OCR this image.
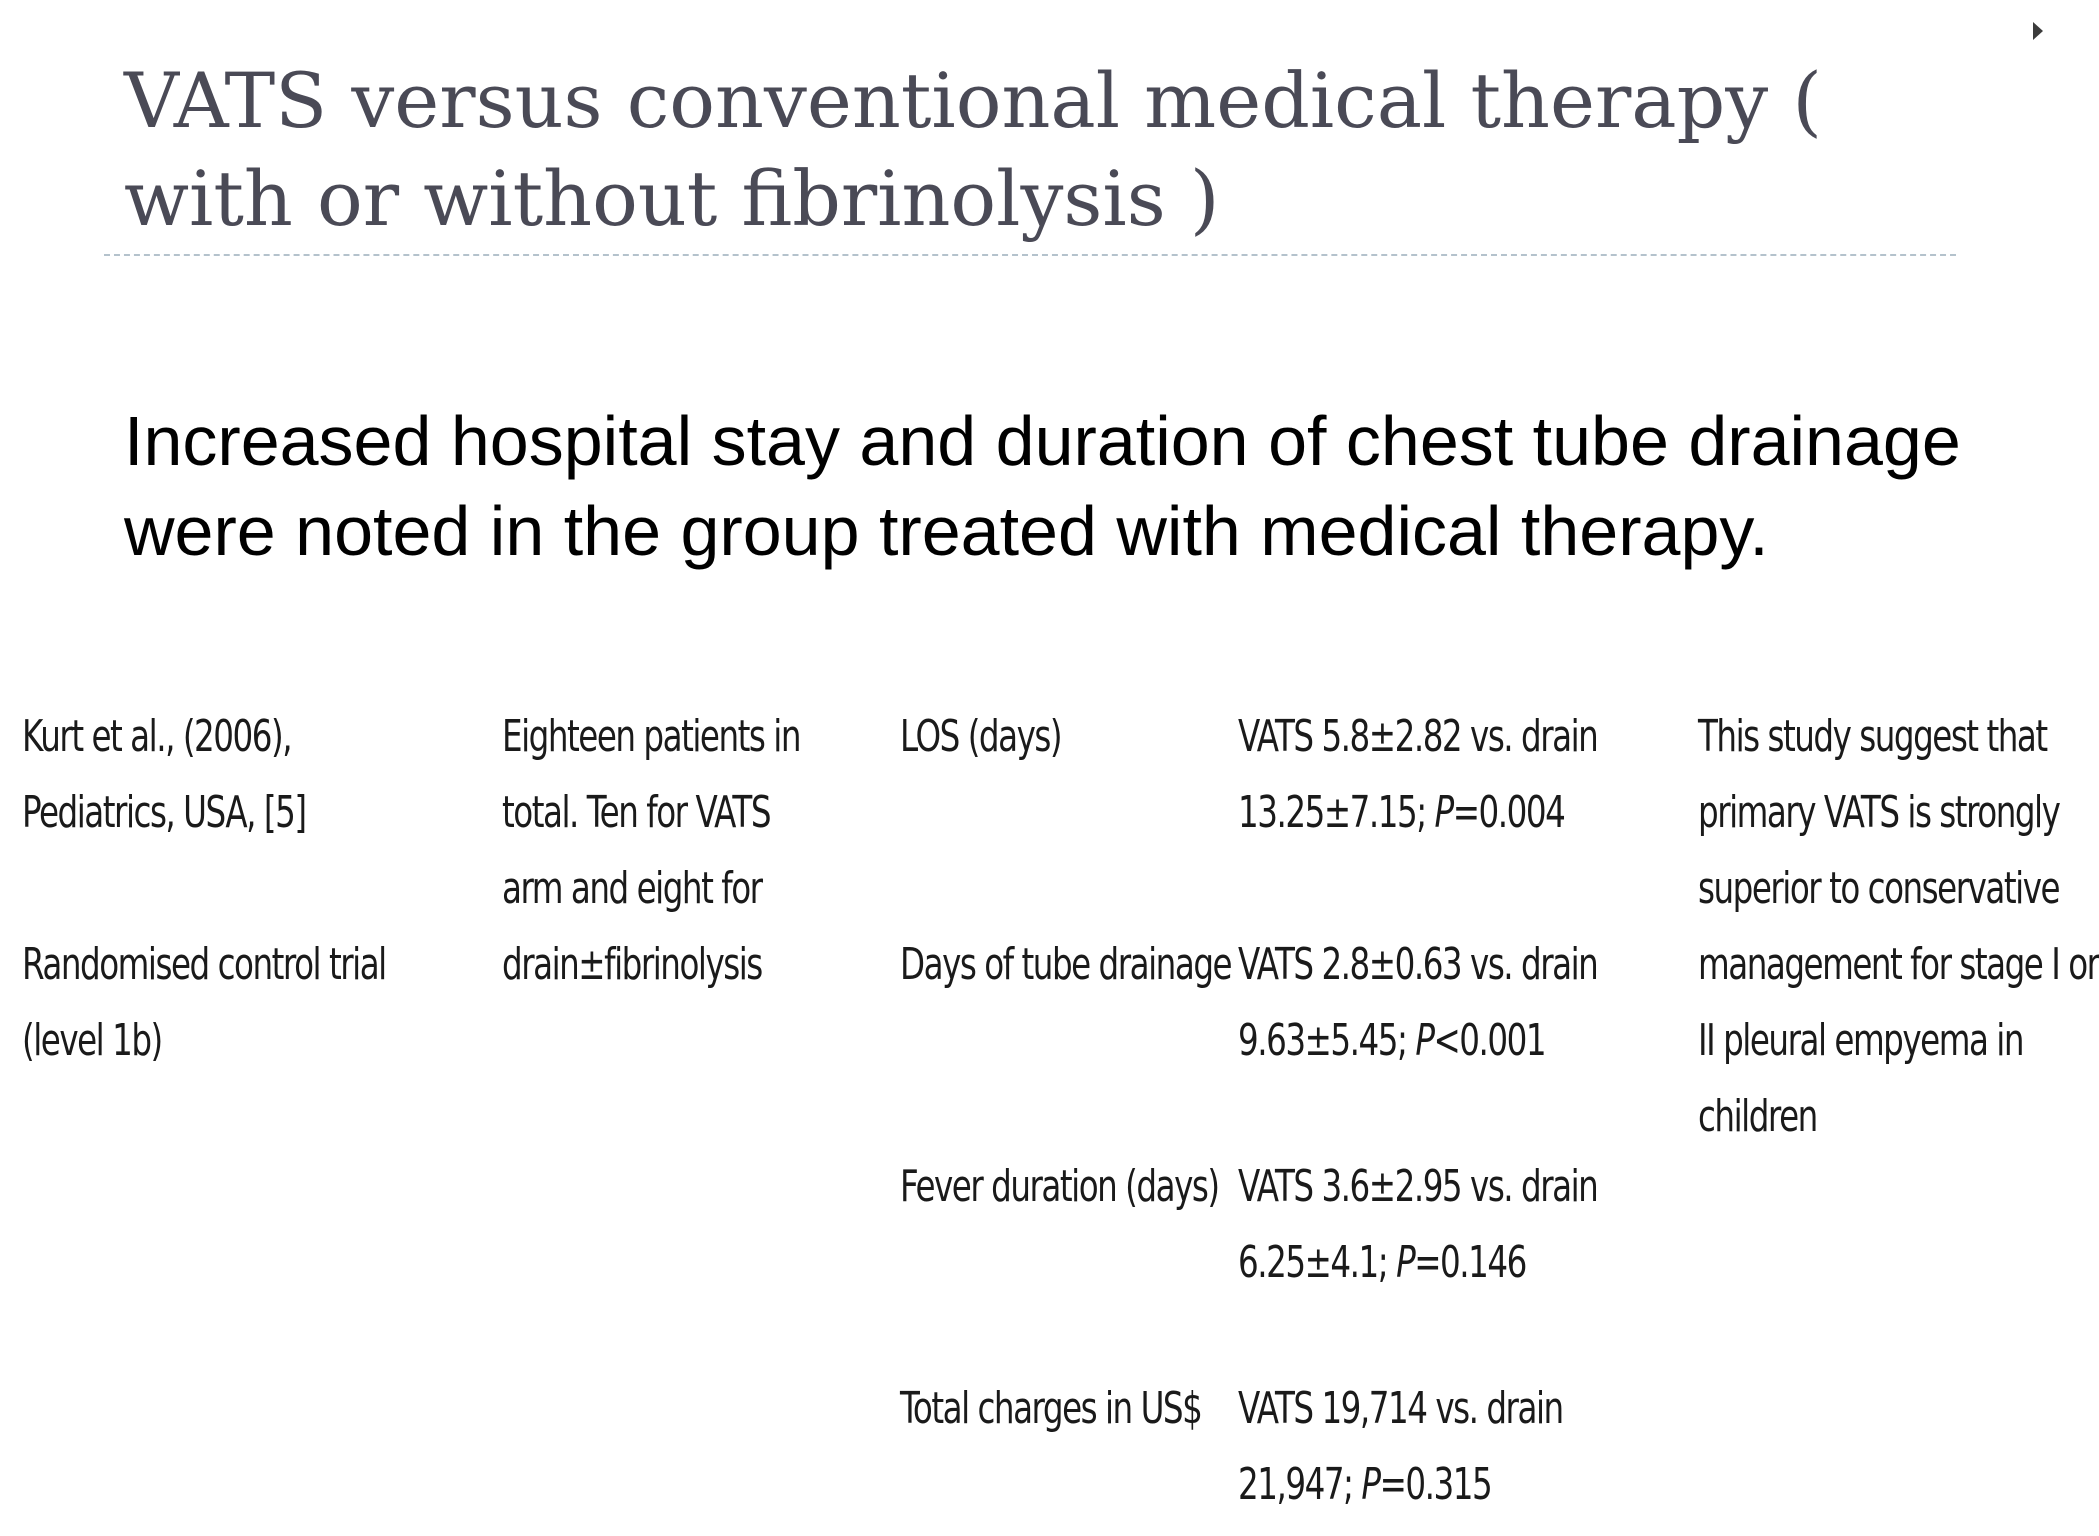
VATS versus conventional medical therapy ( with or without fibrinolysis )

Increased hospital stay and duration of chest tube drainage were noted in the group treated with medical therapy.

Kurt et al., (2006),
Pediatrics, USA, [5]
Randomised control trial
(level 1b)
Eighteen patients in
total. Ten for VATS
arm and eight for
drain±fibrinolysis
LOS (days)
Days of tube drainage
Fever duration (days)
Total charges in US$
VATS 5.8±2.82 vs. drain
13.25±7.15; P=0.004
VATS 2.8±0.63 vs. drain
9.63±5.45; P<0.001
VATS 3.6±2.95 vs. drain
6.25±4.1; P=0.146
VATS 19,714 vs. drain
21,947; P=0.315
This study suggest that
primary VATS is strongly
superior to conservative
management for stage I or
II pleural empyema in
children
